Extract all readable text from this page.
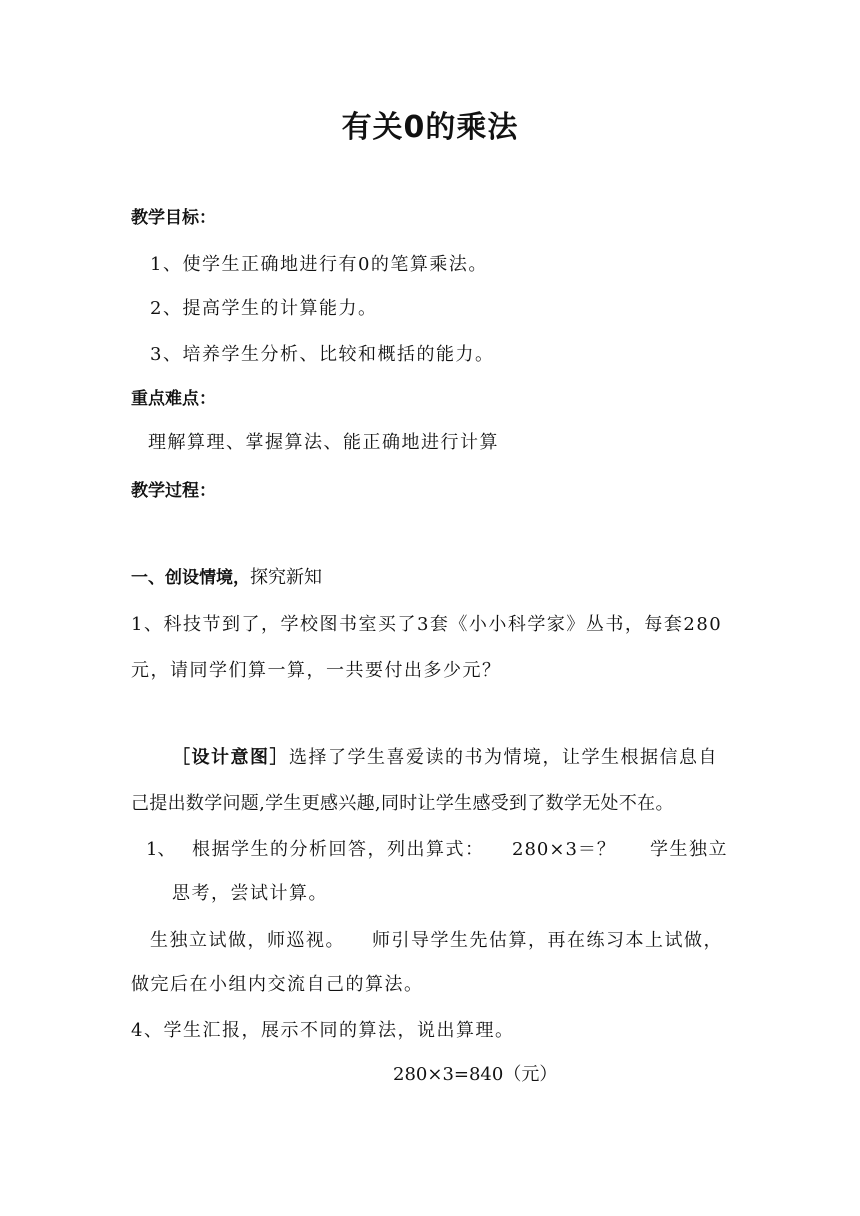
有关0的乘法
教学目标：
1、使学生正确地进行有0的笔算乘法。
2、提高学生的计算能力。
3、培养学生分析、比较和概括的能力。
重点难点：
理解算理、掌握算法、能正确地进行计算
教学过程：
一、创设情境，探究新知
1、科技节到了，学校图书室买了3套《小小科学家》丛书，每套280
元，请同学们算一算，一共要付出多少元？
［设计意图］选择了学生喜爱读的书为情境，让学生根据信息自
己提出数学问题,学生更感兴趣,同时让学生感受到了数学无处不在。
1、 根据学生的分析回答，列出算式： 280×3＝？ 学生独立
思考，尝试计算。
生独立试做，师巡视。 师引导学生先估算，再在练习本上试做，
做完后在小组内交流自己的算法。
4、学生汇报，展示不同的算法，说出算理。
280×3=840（元）
